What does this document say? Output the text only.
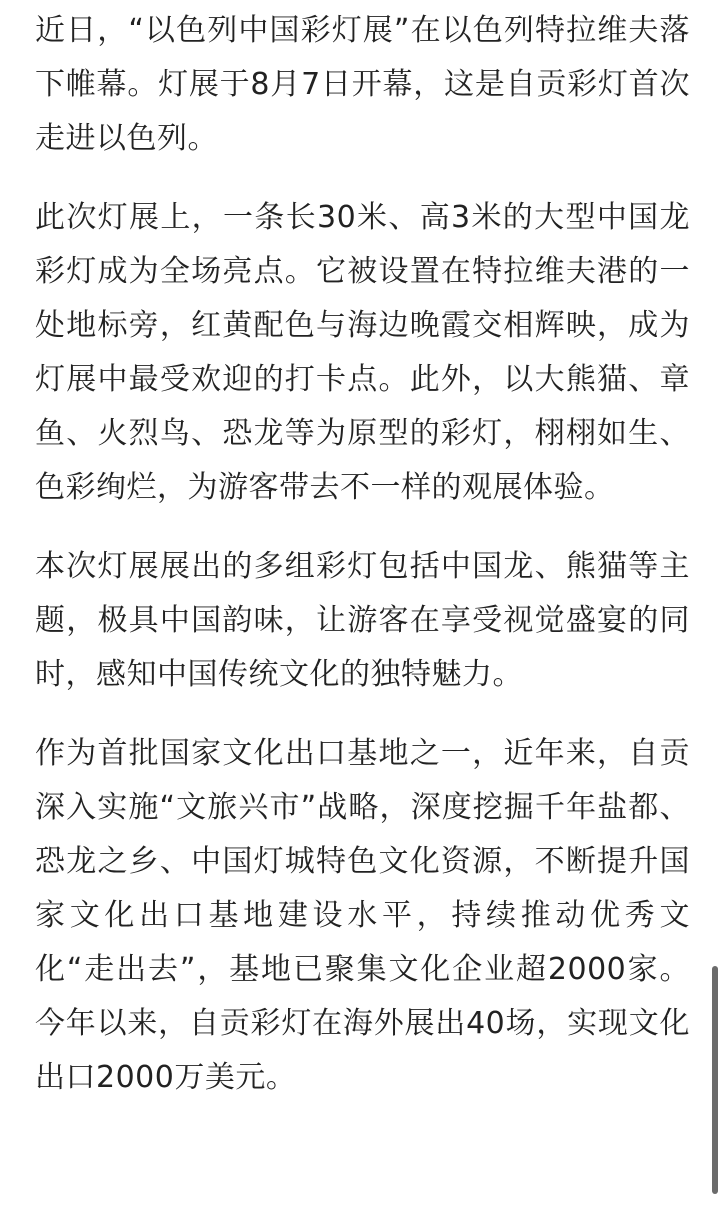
近日，“以色列中国彩灯展”在以色列特拉维夫落下帷幕。灯展于8月7日开幕，这是自贡彩灯首次走进以色列。

此次灯展上，一条长30米、高3米的大型中国龙彩灯成为全场亮点。它被设置在特拉维夫港的一处地标旁，红黄配色与海边晚霞交相辉映，成为灯展中最受欢迎的打卡点。此外，以大熊猫、章鱼、火烈鸟、恐龙等为原型的彩灯，栩栩如生、色彩绚烂，为游客带去不一样的观展体验。

本次灯展展出的多组彩灯包括中国龙、熊猫等主题，极具中国韵味，让游客在享受视觉盛宴的同时，感知中国传统文化的独特魅力。

作为首批国家文化出口基地之一，近年来，自贡深入实施“文旅兴市”战略，深度挖掘千年盐都、恐龙之乡、中国灯城特色文化资源，不断提升国家文化出口基地建设水平，持续推动优秀文化“走出去”，基地已聚集文化企业超2000家。今年以来，自贡彩灯在海外展出40场，实现文化出口2000万美元。
